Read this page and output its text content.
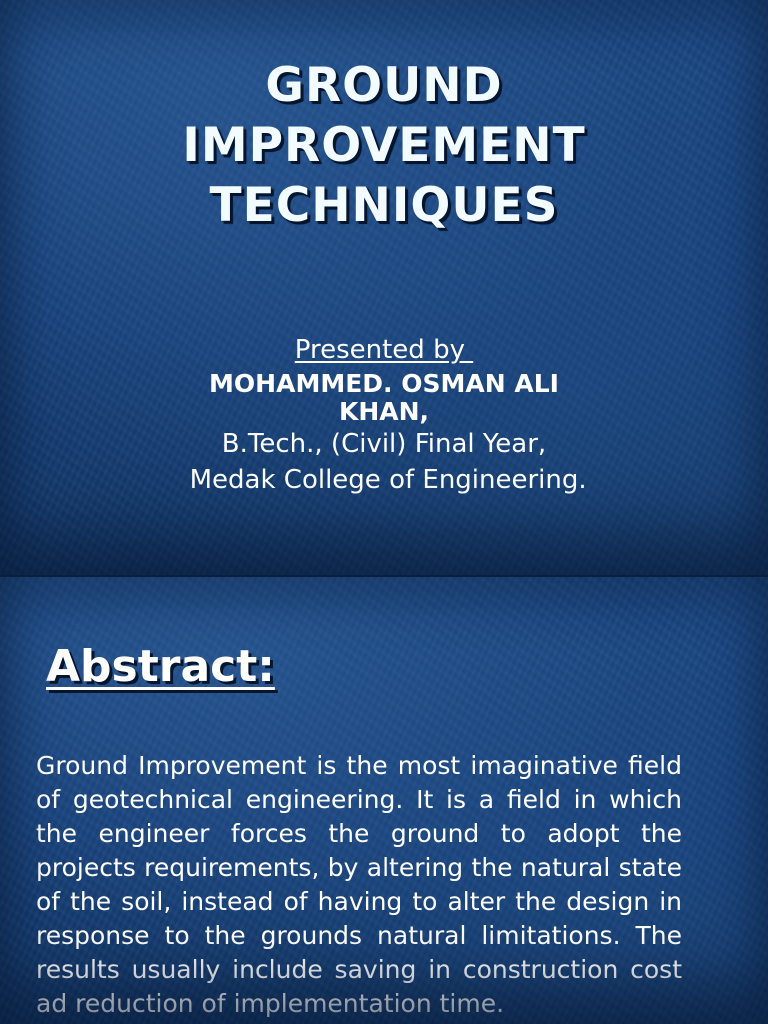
GROUND
IMPROVEMENT
TECHNIQUES
Presented by
MOHAMMED. OSMAN ALI
KHAN,
B.Tech., (Civil) Final Year,
Medak College of Engineering.
Abstract:
Ground Improvement is the most imaginative field of geotechnical engineering. It is a field in which the engineer forces the ground to adopt the projects requirements, by altering the natural state of the soil, instead of having to alter the design in response to the grounds natural limitations. The results usually include saving in construction cost ad reduction of implementation time.
